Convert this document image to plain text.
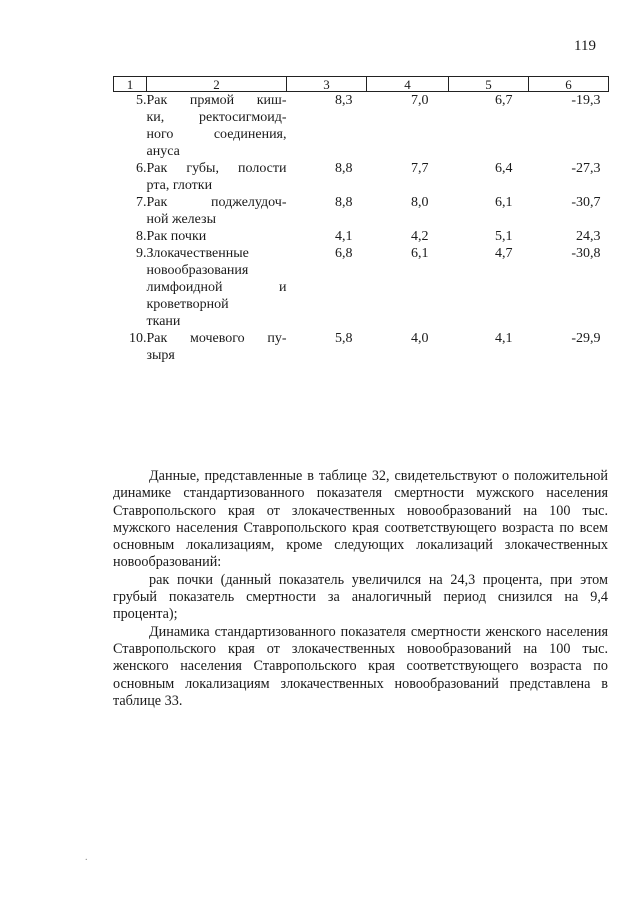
119
1	2	3	4	5	6
5.	Рак прямой киш-
ки, ректосигмоид-
ного соединения,
ануса	8,3	7,0	6,7	-19,3
6.	Рак губы, полости
рта, глотки	8,8	7,7	6,4	-27,3
7.	Рак поджелудоч-
ной железы	8,8	8,0	6,1	-30,7
8.	Рак почки	4,1	4,2	5,1	24,3
9.	Злокачественные
новообразования
лимфоидной и
кроветворной
ткани	6,8	6,1	4,7	-30,8
10.	Рак мочевого пу-
зыря	5,8	4,0	4,1	-29,9

Данные, представленные в таблице 32, свидетельствуют о положительной динамике стандартизованного показателя смертности мужского населения Ставропольского края от злокачественных новообразований на 100 тыс. мужского населения Ставропольского края соответствующего возраста по всем основным локализациям, кроме следующих локализаций злокачественных новообразований:

рак почки (данный показатель увеличился на 24,3 процента, при этом грубый показатель смертности за аналогичный период снизился на 9,4 процента);

Динамика стандартизованного показателя смертности женского населения Ставропольского края от злокачественных новообразований на 100 тыс. женского населения Ставропольского края соответствующего возраста по основным локализациям злокачественных новообразований представлена в таблице 33.

.
